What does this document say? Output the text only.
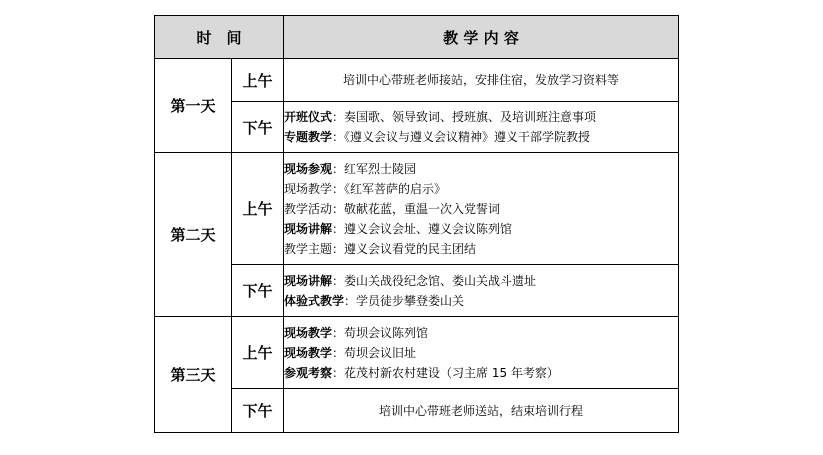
时　间		教 学 内 容
第一天	上午	培训中心带班老师接站，安排住宿，发放学习资料等

	下午	开班仪式：奏国歌、领导致词、授班旗、及培训班注意事项
专题教学：《遵义会议与遵义会议精神》遵义干部学院教授

第二天	上午	现场参观：红军烈士陵园
现场教学：《红军菩萨的启示》
教学活动：敬献花蓝，重温一次入党誓词
现场讲解：遵义会议会址、遵义会议陈列馆
教学主题：遵义会议看党的民主团结

	下午	现场讲解：娄山关战役纪念馆、娄山关战斗遗址
体验式教学：学员徒步攀登娄山关

第三天	上午	现场教学：苟坝会议陈列馆
现场教学：苟坝会议旧址
参观考察：花茂村新农村建设（习主席 15 年考察）

	下午	培训中心带班老师送站，结束培训行程
